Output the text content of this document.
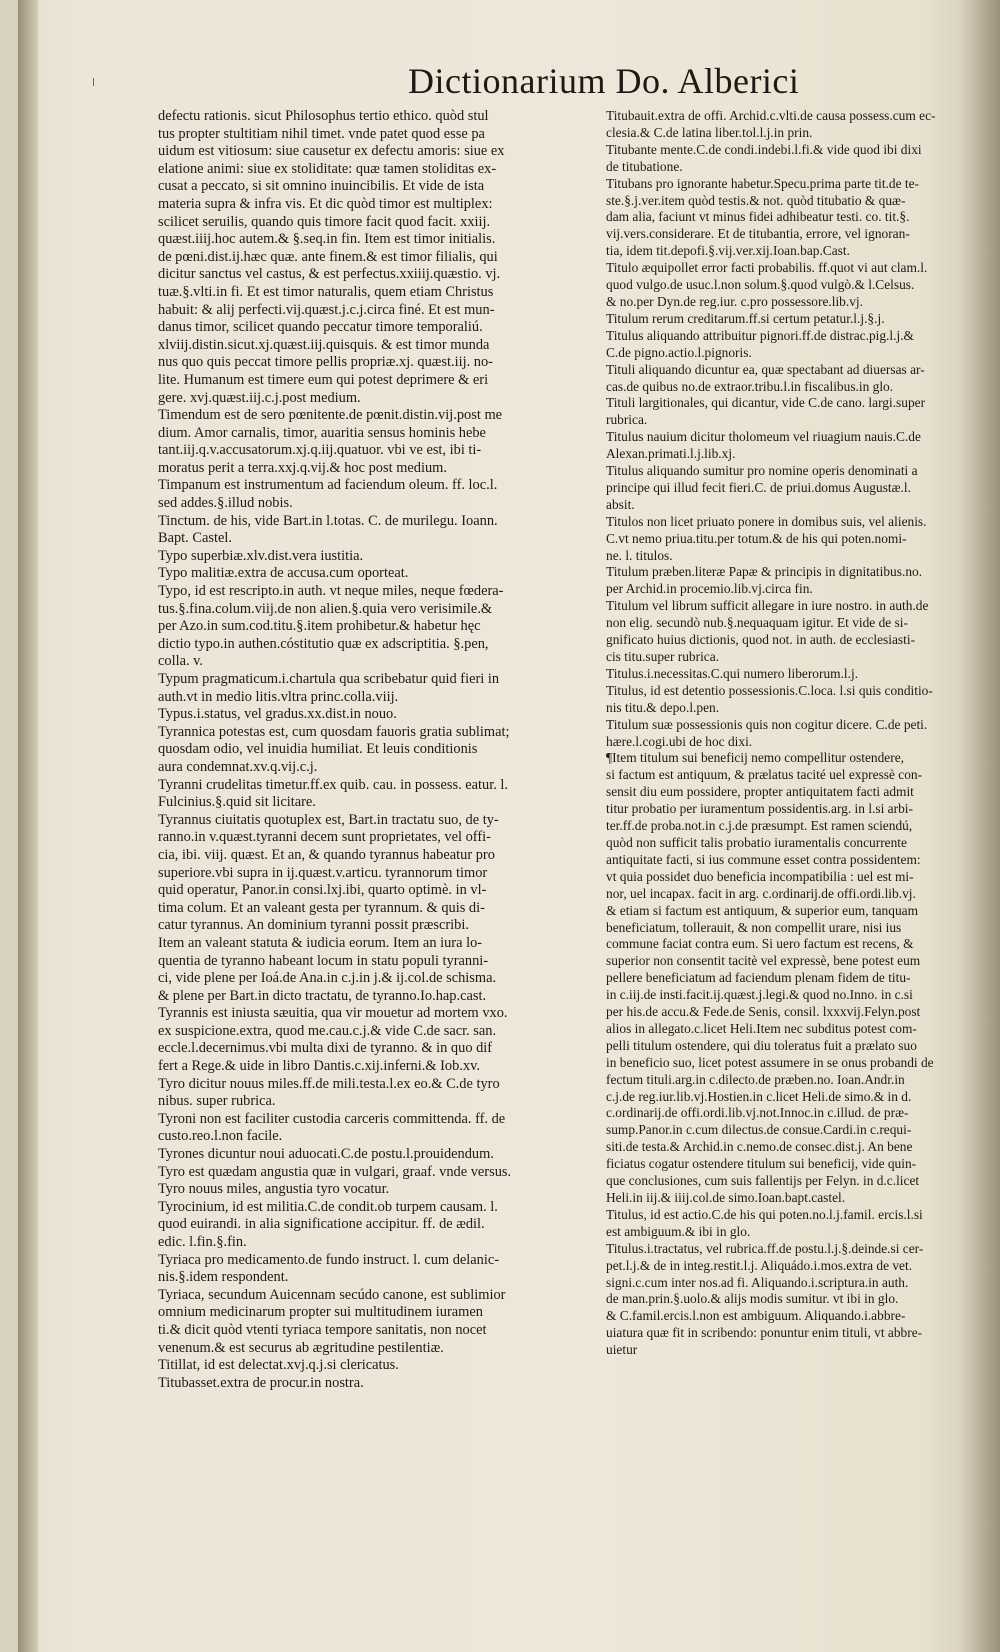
Dictionarium Do. Alberici
defectu rationis. sicut Philosophus tertio ethico. quòd stul
tus propter stultitiam nihil timet. vnde patet quod esse pa
uidum est vitiosum: siue causetur ex defectu amoris: siue ex
elatione animi: siue ex stoliditate: quæ tamen stoliditas ex-
cusat a peccato, si sit omnino inuincibilis. Et vide de ista
materia supra & infra vis. Et dic quòd timor est multiplex:
scilicet seruilis, quando quis timore facit quod facit. xxiij.
quæst.iiij.hoc autem.& §.seq.in fin. Item est timor initialis.
de pœni.dist.ij.hæc quæ. ante finem.& est timor filialis, qui
dicitur sanctus vel castus, & est perfectus.xxiiij.quæstio. vj.
tuæ.§.vlti.in fi. Et est timor naturalis, quem etiam Christus
habuit: & alij perfecti.vij.quæst.j.c.j.circa finé. Et est mun-
danus timor, scilicet quando peccatur timore temporaliú.
xlviij.distin.sicut.xj.quæst.iij.quisquis. & est timor munda
nus quo quis peccat timore pellis propriæ.xj. quæst.iij. no-
lite. Humanum est timere eum qui potest deprimere & eri
gere. xvj.quæst.iij.c.j.post medium.
Timendum est de sero pœnitente.de pœnit.distin.vij.post me
dium. Amor carnalis, timor, auaritia sensus hominis hebe
tant.iij.q.v.accusatorum.xj.q.iij.quatuor. vbi ve est, ibi ti-
moratus perit a terra.xxj.q.vij.& hoc post medium.
Timpanum est instrumentum ad faciendum oleum. ff. loc.l.
sed addes.§.illud nobis.
Tinctum. de his, vide Bart.in l.totas. C. de murilegu. Ioann.
Bapt. Castel.
Typo superbiæ.xlv.dist.vera iustitia.
Typo malitiæ.extra de accusa.cum oporteat.
Typo, id est rescripto.in auth. vt neque miles, neque fœdera-
tus.§.fina.colum.viij.de non alien.§.quia vero verisimile.&
per Azo.in sum.cod.titu.§.item prohibetur.& habetur hęc
dictio typo.in authen.cóstitutio quæ ex adscriptitia. §.pen,
colla. v.
Typum pragmaticum.i.chartula qua scribebatur quid fieri in
auth.vt in medio litis.vltra princ.colla.viij.
Typus.i.status, vel gradus.xx.dist.in nouo.
Tyrannica potestas est, cum quosdam fauoris gratia sublimat;
quosdam odio, vel inuidia humiliat. Et leuis conditionis
aura condemnat.xv.q.vij.c.j.
Tyranni crudelitas timetur.ff.ex quib. cau. in possess. eatur. l.
Fulcinius.§.quid sit licitare.
Tyrannus ciuitatis quotuplex est, Bart.in tractatu suo, de ty-
ranno.in v.quæst.tyranni decem sunt proprietates, vel offi-
cia, ibi. viij. quæst. Et an, & quando tyrannus habeatur pro
superiore.vbi supra in ij.quæst.v.articu. tyrannorum timor
quid operatur, Panor.in consi.lxj.ibi, quarto optimè. in vl-
tima colum. Et an valeant gesta per tyrannum. & quis di-
catur tyrannus. An dominium tyranni possit præscribi.
Item an valeant statuta & iudicia eorum. Item an iura lo-
quentia de tyranno habeant locum in statu populi tyranni-
ci, vide plene per Ioá.de Ana.in c.j.in j.& ij.col.de schisma.
& plene per Bart.in dicto tractatu, de tyranno.Io.hap.cast.
Tyrannis est iniusta sæuitia, qua vir mouetur ad mortem vxo.
ex suspicione.extra, quod me.cau.c.j.& vide C.de sacr. san.
eccle.l.decernimus.vbi multa dixi de tyranno. & in quo dif
fert a Rege.& uide in libro Dantis.c.xij.inferni.& Iob.xv.
Tyro dicitur nouus miles.ff.de mili.testa.l.ex eo.& C.de tyro
nibus. super rubrica.
Tyroni non est faciliter custodia carceris committenda. ff. de
custo.reo.l.non facile.
Tyrones dicuntur noui aduocati.C.de postu.l.prouidendum.
Tyro est quædam angustia quæ in vulgari, graaf. vnde versus.
Tyro nouus miles, angustia tyro vocatur.
Tyrocinium, id est militia.C.de condit.ob turpem causam. l.
quod euirandi. in alia significatione accipitur. ff. de ædil.
edic. l.fin.§.fin.
Tyriaca pro medicamento.de fundo instruct. l. cum delanic-
nis.§.idem respondent.
Tyriaca, secundum Auicennam secúdo canone, est sublimior
omnium medicinarum propter sui multitudinem iuramen
ti.& dicit quòd vtenti tyriaca tempore sanitatis, non nocet
venenum.& est securus ab ægritudine pestilentiæ.
Titillat, id est delectat.xvj.q.j.si clericatus.
Titubasset.extra de procur.in nostra.
Titubauit.extra de offi. Archid.c.vlti.de causa possess.cum ec-
clesia.& C.de latina liber.tol.l.j.in prin.
Titubante mente.C.de condi.indebi.l.fi.& vide quod ibi dixi
de titubatione.
Titubans pro ignorante habetur.Specu.prima parte tit.de te-
ste.§.j.ver.item quòd testis.& not. quòd titubatio & quæ-
dam alia, faciunt vt minus fidei adhibeatur testi. co. tit.§.
vij.vers.considerare. Et de titubantia, errore, vel ignoran-
tia, idem tit.depofi.§.vij.ver.xij.Ioan.bap.Cast.
Titulo æquipollet error facti probabilis. ff.quot vi aut clam.l.
quod vulgo.de usuc.l.non solum.§.quod vulgò.& l.Celsus.
& no.per Dyn.de reg.iur. c.pro possessore.lib.vj.
Titulum rerum creditarum.ff.si certum petatur.l.j.§.j.
Titulus aliquando attribuitur pignori.ff.de distrac.pig.l.j.&
C.de pigno.actio.l.pignoris.
Tituli aliquando dicuntur ea, quæ spectabant ad diuersas ar-
cas.de quibus no.de extraor.tribu.l.in fiscalibus.in glo.
Tituli largitionales, qui dicantur, vide C.de cano. largi.super
rubrica.
Titulus nauium dicitur tholomeum vel riuagium nauis.C.de
Alexan.primati.l.j.lib.xj.
Titulus aliquando sumitur pro nomine operis denominati a
principe qui illud fecit fieri.C. de priui.domus Augustæ.l.
absit.
Titulos non licet priuato ponere in domibus suis, vel alienis.
C.vt nemo priua.titu.per totum.& de his qui poten.nomi-
ne. l. titulos.
Titulum præben.literæ Papæ & principis in dignitatibus.no.
per Archid.in procemio.lib.vj.circa fin.
Titulum vel librum sufficit allegare in iure nostro. in auth.de
non elig. secundò nub.§.nequaquam igitur. Et vide de si-
gnificato huius dictionis, quod not. in auth. de ecclesiasti-
cis titu.super rubrica.
Titulus.i.necessitas.C.qui numero liberorum.l.j.
Titulus, id est detentio possessionis.C.loca. l.si quis conditio-
nis titu.& depo.l.pen.
Titulum suæ possessionis quis non cogitur dicere. C.de peti.
hære.l.cogi.ubi de hoc dixi.
¶Item titulum sui beneficij nemo compellitur ostendere,
si factum est antiquum, & prælatus tacité uel expressè con-
sensit diu eum possidere, propter antiquitatem facti admit
titur probatio per iuramentum possidentis.arg. in l.si arbi-
ter.ff.de proba.not.in c.j.de præsumpt. Est ramen sciendú,
quòd non sufficit talis probatio iuramentalis concurrente
antiquitate facti, si ius commune esset contra possidentem:
vt quia possidet duo beneficia incompatibilia : uel est mi-
nor, uel incapax. facit in arg. c.ordinarij.de offi.ordi.lib.vj.
& etiam si factum est antiquum, & superior eum, tanquam
beneficiatum, tollerauit, & non compellit urare, nisi ius
commune faciat contra eum. Si uero factum est recens, &
superior non consentit tacitè vel expressè, bene potest eum
pellere beneficiatum ad faciendum plenam fidem de titu-
in c.iij.de insti.facit.ij.quæst.j.legi.& quod no.Inno. in c.si
per his.de accu.& Fede.de Senis, consil. lxxxvij.Felyn.post
alios in allegato.c.licet Heli.Item nec subditus potest com-
pelli titulum ostendere, qui diu toleratus fuit a prælato suo
in beneficio suo, licet potest assumere in se onus probandi de
fectum tituli.arg.in c.dilecto.de præben.no. Ioan.Andr.in
c.j.de reg.iur.lib.vj.Hostien.in c.licet Heli.de simo.& in d.
c.ordinarij.de offi.ordi.lib.vj.not.Innoc.in c.illud. de præ-
sump.Panor.in c.cum dilectus.de consue.Cardi.in c.requi-
siti.de testa.& Archid.in c.nemo.de consec.dist.j. An bene
ficiatus cogatur ostendere titulum sui beneficij, vide quin-
que conclusiones, cum suis fallentijs per Felyn. in d.c.licet
Heli.in iij.& iiij.col.de simo.Ioan.bapt.castel.
Titulus, id est actio.C.de his qui poten.no.l.j.famil. ercis.l.si
est ambiguum.& ibi in glo.
Titulus.i.tractatus, vel rubrica.ff.de postu.l.j.§.deinde.si cer-
pet.l.j.& de in integ.restit.l.j. Aliquádo.i.mos.extra de vet.
signi.c.cum inter nos.ad fi. Aliquando.i.scriptura.in auth.
de man.prin.§.uolo.& alijs modis sumitur. vt ibi in glo.
& C.famil.ercis.l.non est ambiguum. Aliquando.i.abbre-
uiatura quæ fit in scribendo: ponuntur enim tituli, vt abbre-
uietur
